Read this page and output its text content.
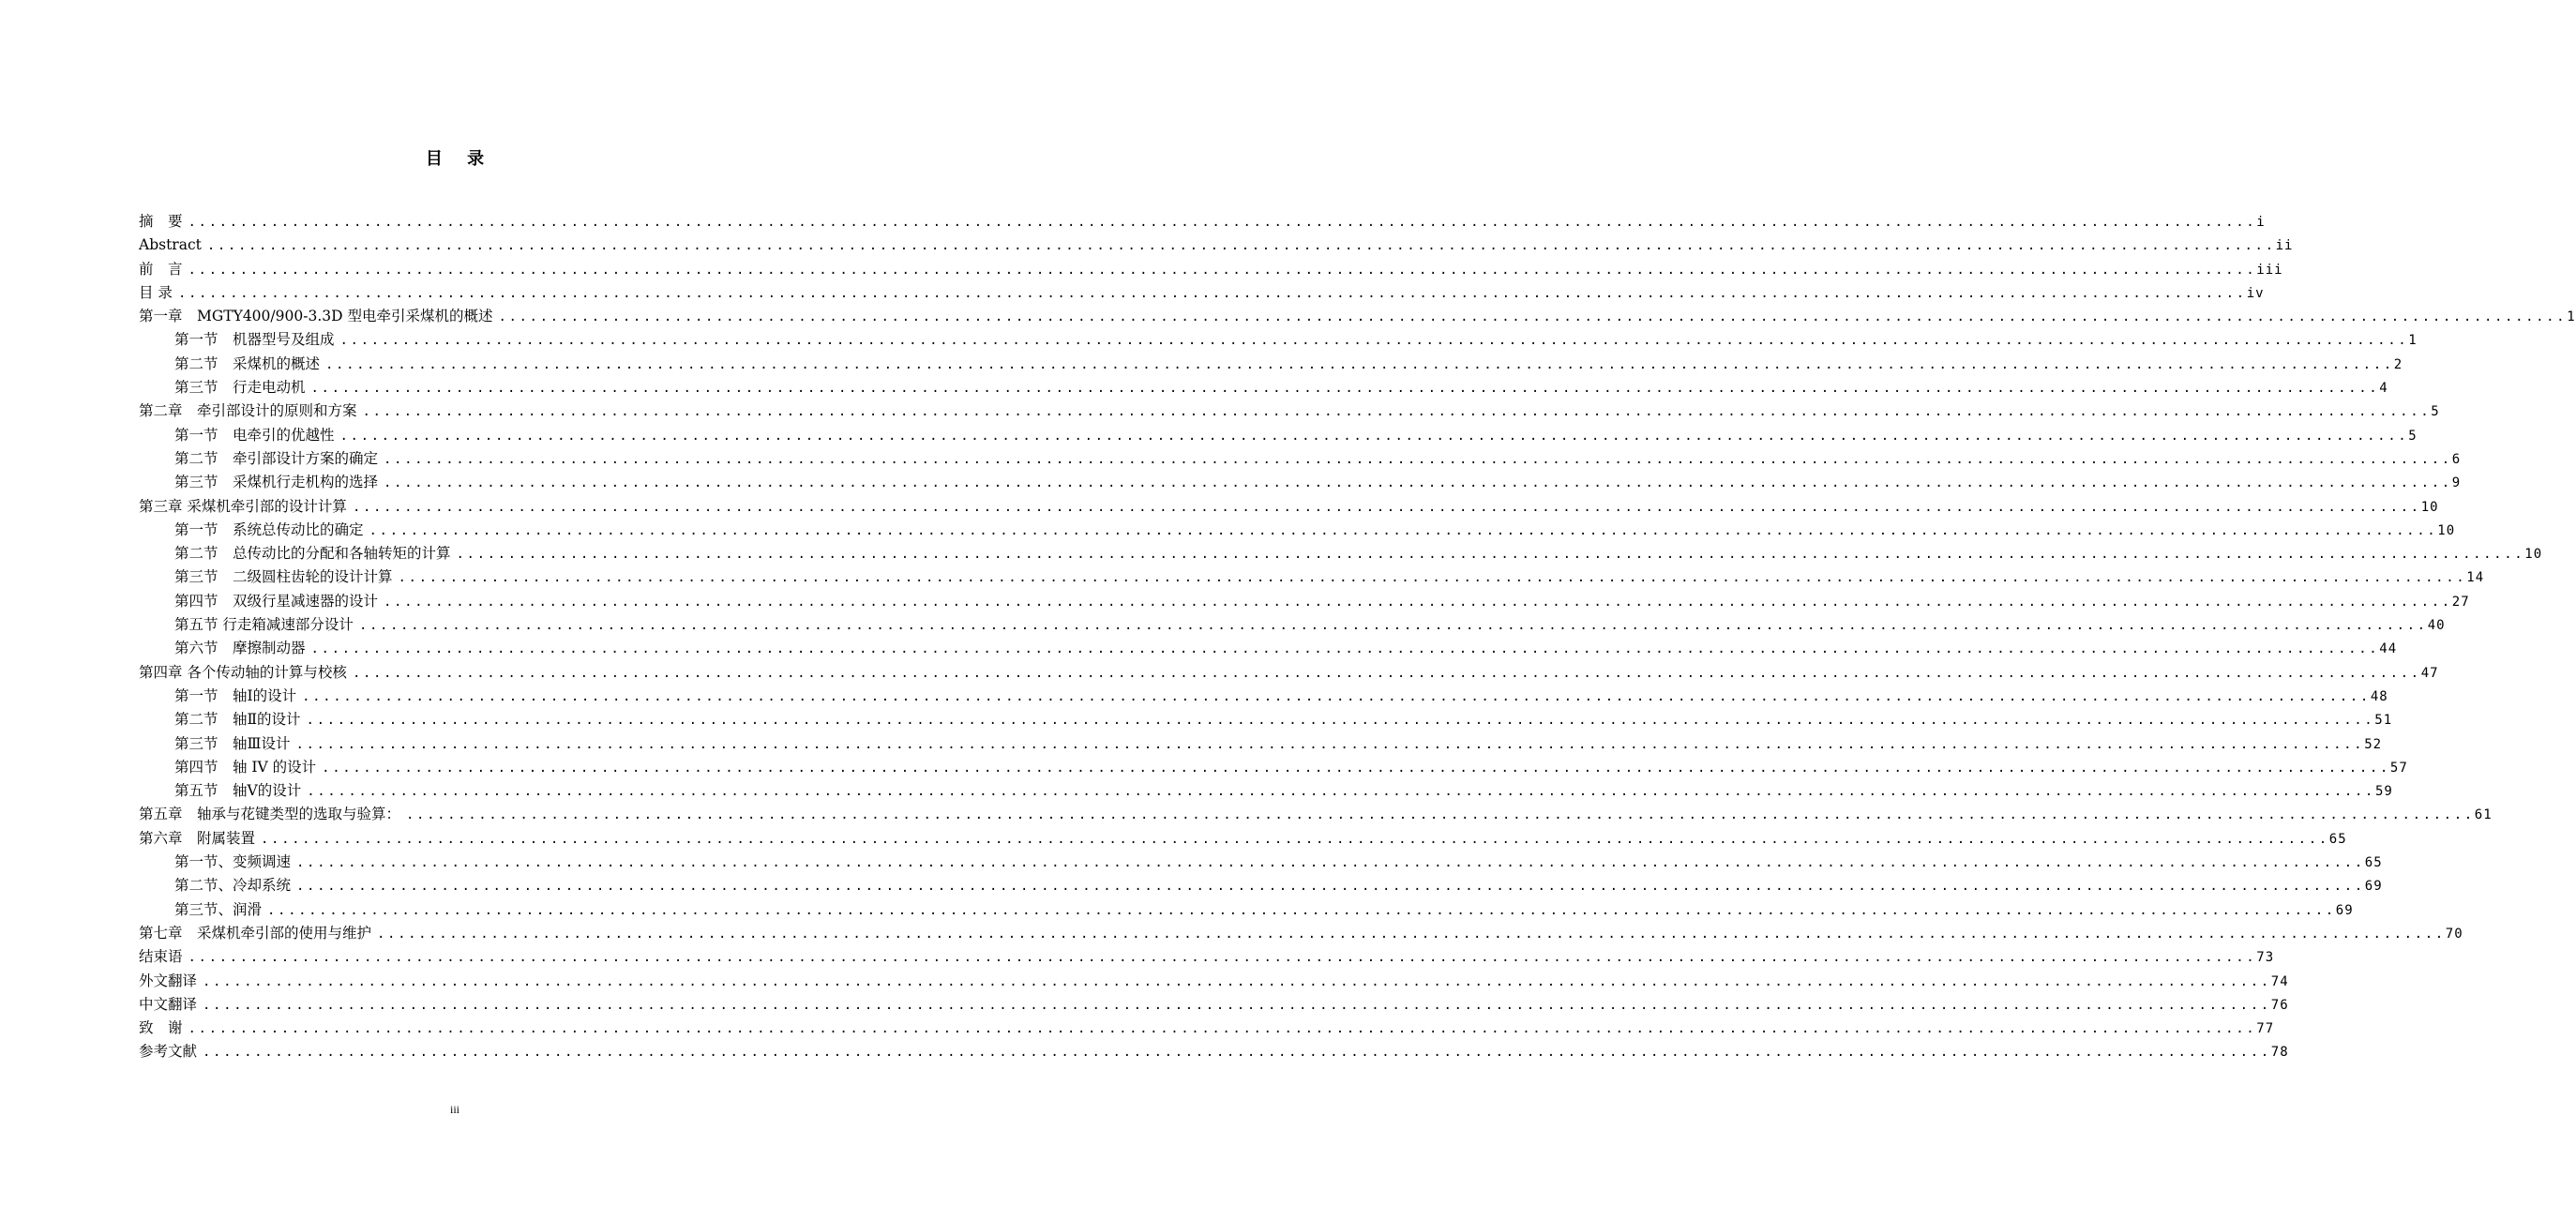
目 录
摘　要 ........................................................................................................................................................................................................ i
Abstract ........................................................................................................................................................................................................ ii
前　言 ........................................................................................................................................................................................................ iii
目 录 ........................................................................................................................................................................................................ iv
第一章　MGTY400/900-3.3D 型电牵引采煤机的概述 ........................................................................................................................................................................................................ 1
第一节　机器型号及组成 ........................................................................................................................................................................................................ 1
第二节　采煤机的概述 ........................................................................................................................................................................................................ 2
第三节　行走电动机 ........................................................................................................................................................................................................ 4
第二章　牵引部设计的原则和方案 ........................................................................................................................................................................................................ 5
第一节　电牵引的优越性 ........................................................................................................................................................................................................ 5
第二节　牵引部设计方案的确定 ........................................................................................................................................................................................................ 6
第三节　采煤机行走机构的选择 ........................................................................................................................................................................................................ 9
第三章 采煤机牵引部的设计计算 ........................................................................................................................................................................................................ 10
第一节　系统总传动比的确定 ........................................................................................................................................................................................................ 10
第二节　总传动比的分配和各轴转矩的计算 ........................................................................................................................................................................................................ 10
第三节　二级圆柱齿轮的设计计算 ........................................................................................................................................................................................................ 14
第四节　双级行星减速器的设计 ........................................................................................................................................................................................................ 27
第五节 行走箱减速部分设计 ........................................................................................................................................................................................................ 40
第六节　摩擦制动器 ........................................................................................................................................................................................................ 44
第四章 各个传动轴的计算与校核 ........................................................................................................................................................................................................ 47
第一节　轴Ⅰ的设计 ........................................................................................................................................................................................................ 48
第二节　轴Ⅱ的设计 ........................................................................................................................................................................................................ 51
第三节　轴Ⅲ设计 ........................................................................................................................................................................................................ 52
第四节　轴 IV 的设计 ........................................................................................................................................................................................................ 57
第五节　轴Ⅴ的设计 ........................................................................................................................................................................................................ 59
第五章　轴承与花键类型的选取与验算： ........................................................................................................................................................................................................ 61
第六章　附属装置 ........................................................................................................................................................................................................ 65
第一节、变频调速 ........................................................................................................................................................................................................ 65
第二节、冷却系统 ........................................................................................................................................................................................................ 69
第三节、润滑 ........................................................................................................................................................................................................ 69
第七章　采煤机牵引部的使用与维护 ........................................................................................................................................................................................................ 70
结束语 ........................................................................................................................................................................................................ 73
外文翻译 ........................................................................................................................................................................................................ 74
中文翻译 ........................................................................................................................................................................................................ 76
致　谢 ........................................................................................................................................................................................................ 77
参考文献 ........................................................................................................................................................................................................ 78
iii
